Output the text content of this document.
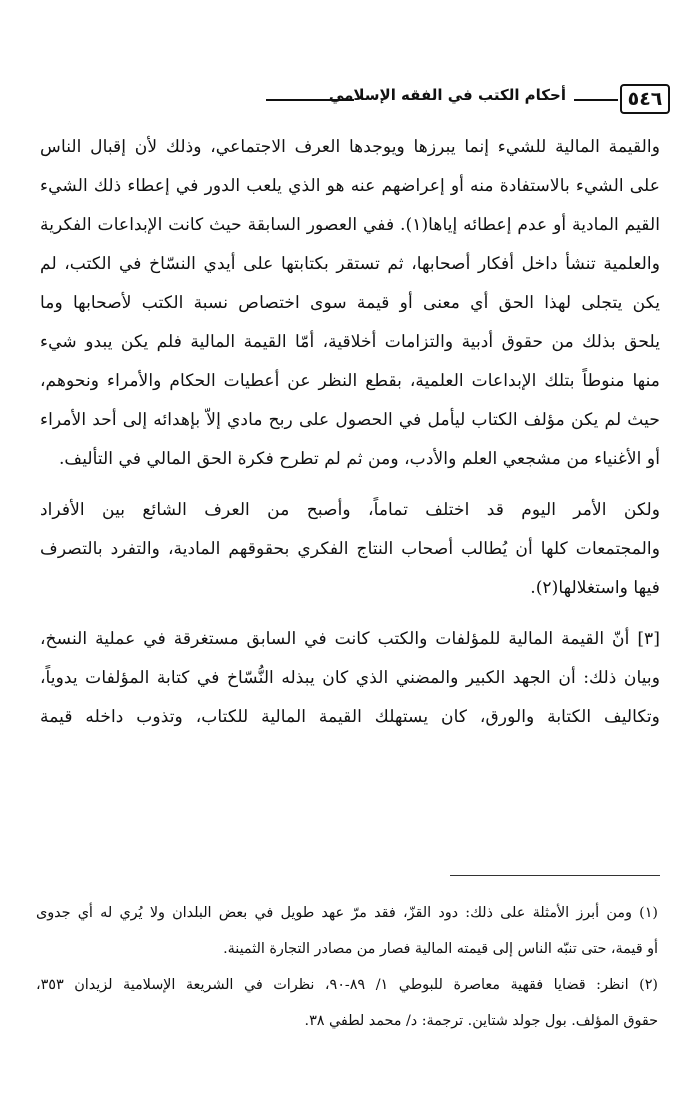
٥٤٦
أحكام الكتب في الفقه الإسلامي
والقيمة المالية للشيء إنما يبرزها ويوجدها العرف الاجتماعي، وذلك لأن إقبال الناس
على الشيء بالاستفادة منه أو إعراضهم عنه هو الذي يلعب الدور في إعطاء ذلك الشيء
القيم المادية أو عدم إعطائه إياها(١). ففي العصور السابقة حيث كانت الإبداعات الفكرية
والعلمية تنشأ داخل أفكار أصحابها، ثم تستقر بكتابتها على أيدي النسّاخ في الكتب، لم
يكن يتجلى لهذا الحق أي معنى أو قيمة سوى اختصاص نسبة الكتب لأصحابها وما
يلحق بذلك من حقوق أدبية والتزامات أخلاقية، أمّا القيمة المالية فلم يكن يبدو شيء
منها منوطاً بتلك الإبداعات العلمية، بقطع النظر عن أعطيات الحكام والأمراء ونحوهم،
حيث لم يكن مؤلف الكتاب ليأمل في الحصول على ربح مادي إلاّ بإهدائه إلى أحد الأمراء
أو الأغنياء من مشجعي العلم والأدب، ومن ثم لم تطرح فكرة الحق المالي في التأليف.
ولكن الأمر اليوم قد اختلف تماماً، وأصبح من العرف الشائع بين الأفراد
والمجتمعات كلها أن يُطالب أصحاب النتاج الفكري بحقوقهم المادية، والتفرد بالتصرف
فيها واستغلالها(٢).
[٣] أنّ القيمة المالية للمؤلفات والكتب كانت في السابق مستغرقة في عملية النسخ،
وبيان ذلك: أن الجهد الكبير والمضني الذي كان يبذله النُّسّاخ في كتابة المؤلفات يدوياً،
وتكاليف الكتابة والورق، كان يستهلك القيمة المالية للكتاب، وتذوب داخله قيمة
(١) ومن أبرز الأمثلة على ذلك: دود القزّ، فقد مرّ عهد طويل في بعض البلدان ولا يُري له أي جدوى
أو قيمة، حتى تنبّه الناس إلى قيمته المالية فصار من مصادر التجارة الثمينة.
(٢) انظر: قضايا فقهية معاصرة للبوطي ١/ ٨٩-٩٠، نظرات في الشريعة الإسلامية لزيدان ٣٥٣،
حقوق المؤلف. بول جولد شتاين. ترجمة: د/ محمد لطفي ٣٨.
